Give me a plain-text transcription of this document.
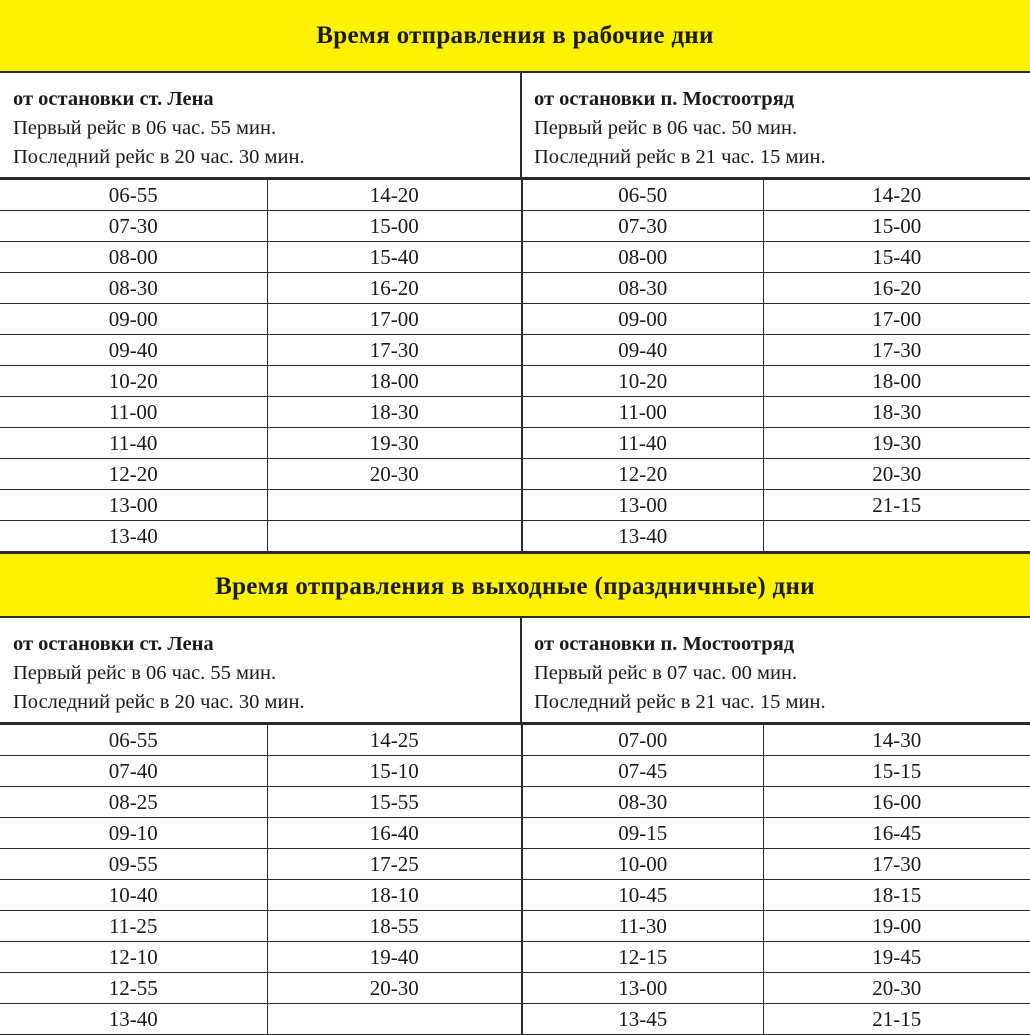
Время отправления в рабочие дни
от остановки ст. Лена
Первый рейс в 06 час. 55 мин.
Последний рейс в 20 час. 30 мин.
от остановки п. Мостоотряд
Первый рейс в 06 час. 50 мин.
Последний рейс в 21 час. 15 мин.
06-55	14-20	06-50	14-20
07-30	15-00	07-30	15-00
08-00	15-40	08-00	15-40
08-30	16-20	08-30	16-20
09-00	17-00	09-00	17-00
09-40	17-30	09-40	17-30
10-20	18-00	10-20	18-00
11-00	18-30	11-00	18-30
11-40	19-30	11-40	19-30
12-20	20-30	12-20	20-30
13-00		13-00	21-15
13-40		13-40	
Время отправления в выходные (праздничные) дни
от остановки ст. Лена
Первый рейс в 06 час. 55 мин.
Последний рейс в 20 час. 30 мин.
от остановки п. Мостоотряд
Первый рейс в 07 час. 00 мин.
Последний рейс в 21 час. 15 мин.
06-55	14-25	07-00	14-30
07-40	15-10	07-45	15-15
08-25	15-55	08-30	16-00
09-10	16-40	09-15	16-45
09-55	17-25	10-00	17-30
10-40	18-10	10-45	18-15
11-25	18-55	11-30	19-00
12-10	19-40	12-15	19-45
12-55	20-30	13-00	20-30
13-40		13-45	21-15
